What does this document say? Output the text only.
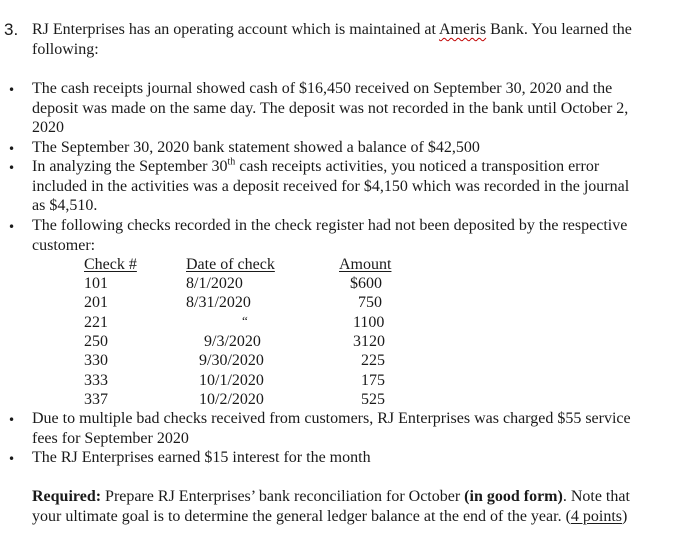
3. RJ Enterprises has an operating account which is maintained at Ameris Bank. You learned the following:
• The cash receipts journal showed cash of $16,450 received on September 30, 2020 and the deposit was made on the same day. The deposit was not recorded in the bank until October 2, 2020
• The September 30, 2020 bank statement showed a balance of $42,500
• In analyzing the September 30th cash receipts activities, you noticed a transposition error included in the activities was a deposit received for $4,150 which was recorded in the journal as $4,510.
• The following checks recorded in the check register had not been deposited by the respective customer:
Check #	Date of check	Amount
101	8/1/2020	$600
201	8/31/2020	750
221	“	1100
250	9/3/2020	3120
330	9/30/2020	225
333	10/1/2020	175
337	10/2/2020	525
• Due to multiple bad checks received from customers, RJ Enterprises was charged $55 service fees for September 2020
• The RJ Enterprises earned $15 interest for the month
Required: Prepare RJ Enterprises’ bank reconciliation for October (in good form). Note that your ultimate goal is to determine the general ledger balance at the end of the year. (4 points)
